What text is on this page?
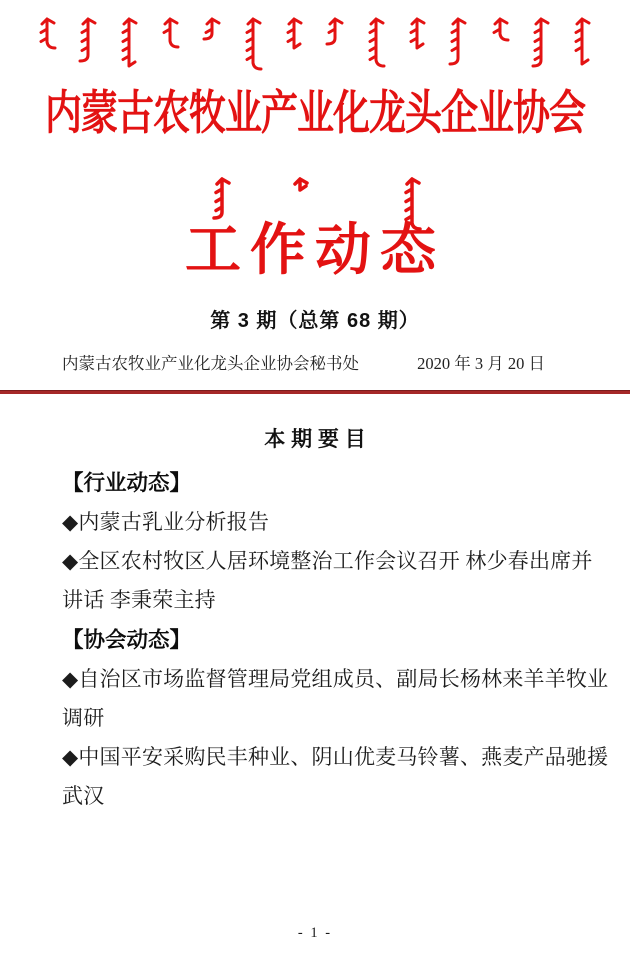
内蒙古农牧业产业化龙头企业协会
工作动态
第 3 期（总第 68 期）
内蒙古农牧业产业化龙头企业协会秘书处	2020 年 3 月 20 日
本 期 要 目
【行业动态】
◆内蒙古乳业分析报告
◆全区农村牧区人居环境整治工作会议召开 林少春出席并
讲话 李秉荣主持
【协会动态】
◆自治区市场监督管理局党组成员、副局长杨林来羊羊牧业
调研
◆中国平安采购民丰种业、阴山优麦马铃薯、燕麦产品驰援
武汉
- 1 -
